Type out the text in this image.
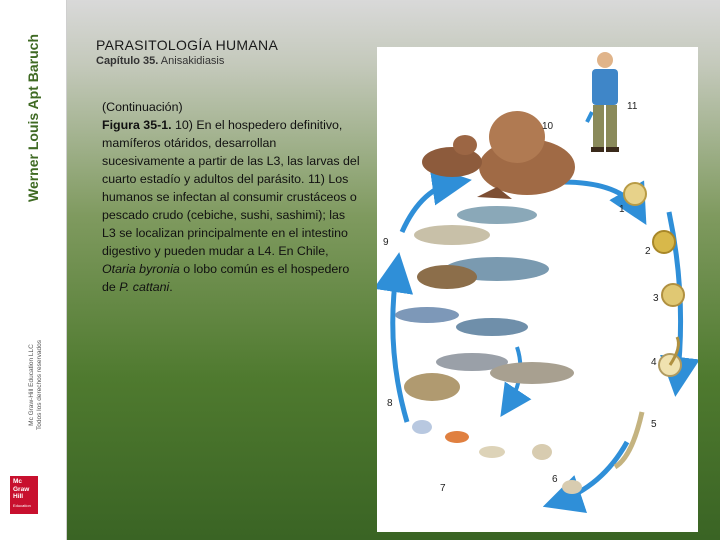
Werner Louis Apt Baruch
Mc Graw-Hill Education LLC Todos los derechos reservados
Mc
Graw
Hill
Education
PARASITOLOGÍA HUMANA
Capítulo 35. Anisakidiasis

(Continuación)

Figura 35-1. 10) En el hospedero definitivo, mamíferos otáridos, desarrollan sucesivamente a partir de las L3, las larvas del cuarto estadío y adultos del parásito. 11) Los humanos se infectan al consumir crustáceos o pescado crudo (cebiche, sushi, sashimi); las L3 se localizan principalmente en el intestino digestivo y pueden mudar a L4. En Chile, Otaria byronia o lobo común es el hospedero de P. cattani.

1
2
3
4
5
6
7
8
9
10
11
